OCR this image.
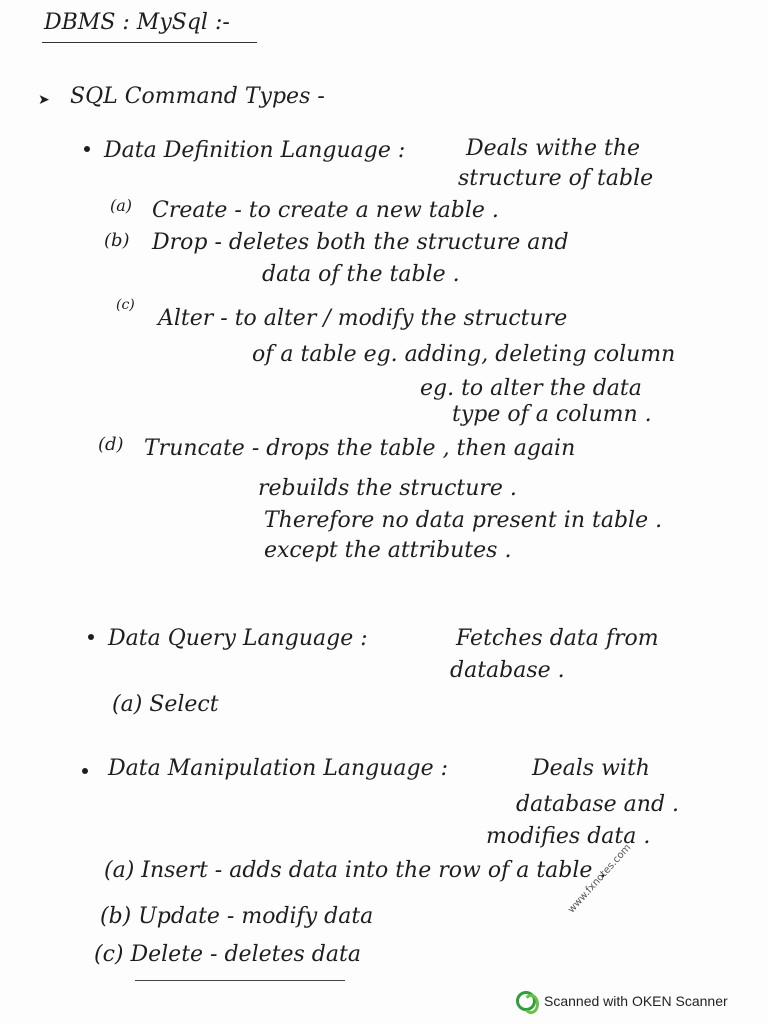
DBMS : MySql :-
➤ SQL Command Types -
Data Definition Language :	Deals withe the
structure of table
(a) Create - to create a new table .
(b) Drop - deletes both the structure and
data of the table .
(c)
Alter - to alter / modify the structure
of a table eg. adding, deleting column
eg. to alter the data
type of a column .
(d) Truncate - drops the table , then again
rebuilds the structure .
Therefore no data present in table .
except the attributes .
Data Query Language :	Fetches data from
database .
(a) Select
Data Manipulation Language :	Deals with
database and .
modifies data .
(a) Insert - adds data into the row of a table .
(b) Update - modify data
(c) Delete - deletes data
www.fxnotes.com
Scanned with OKEN Scanner
